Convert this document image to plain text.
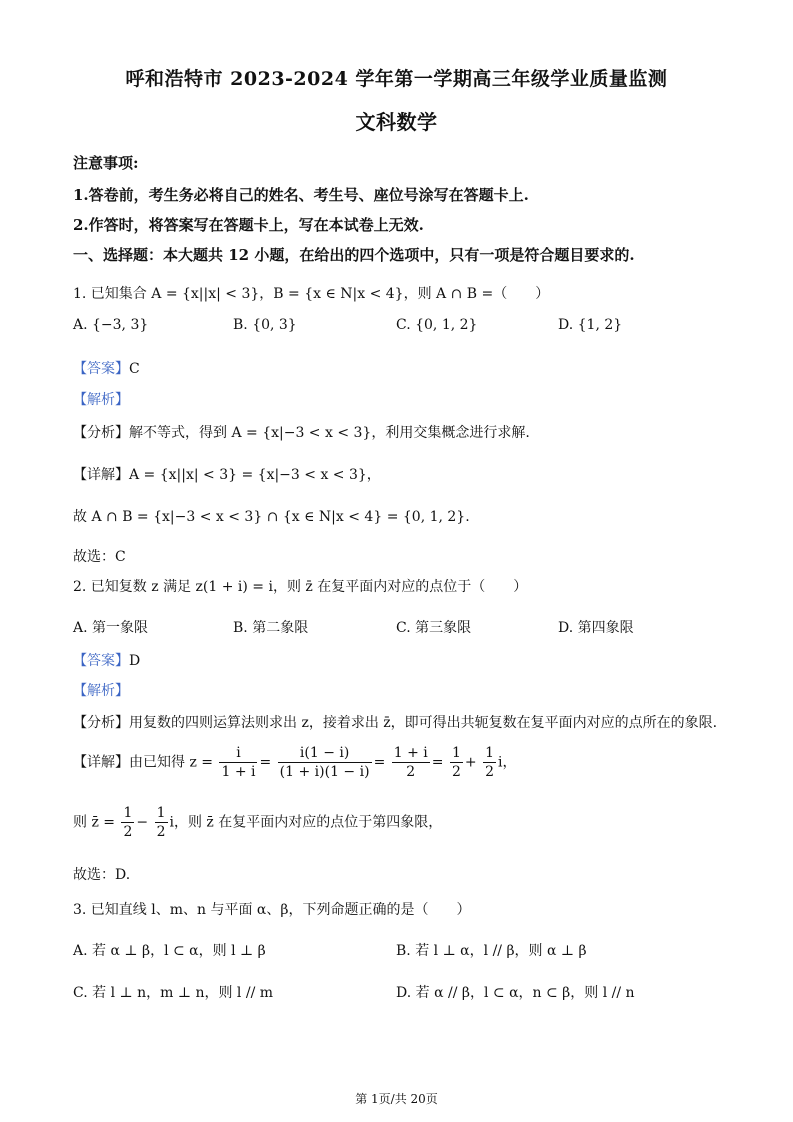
呼和浩特市 2023-2024 学年第一学期高三年级学业质量监测
文科数学
注意事项:
1.答卷前，考生务必将自己的姓名、考生号、座位号涂写在答题卡上.
2.作答时，将答案写在答题卡上，写在本试卷上无效.
一、选择题：本大题共 12 小题，在给出的四个选项中，只有一项是符合题目要求的.
1. 已知集合 A = {x||x| < 3}，B = {x ∈ N|x < 4}，则 A ∩ B =（　　）
A. {−3, 3}	B. {0, 3}	C. {0, 1, 2}	D. {1, 2}
【答案】C
【解析】
【分析】解不等式，得到 A = {x|−3 < x < 3}，利用交集概念进行求解.
【详解】A = {x||x| < 3} = {x|−3 < x < 3}，
故 A ∩ B = {x|−3 < x < 3} ∩ {x ∈ N|x < 4} = {0, 1, 2}.
故选：C
2. 已知复数 z 满足 z(1 + i) = i，则 z̄ 在复平面内对应的点位于（　　）
A. 第一象限	B. 第二象限	C. 第三象限	D. 第四象限
【答案】D
【解析】
【分析】用复数的四则运算法则求出 z，接着求出 z̄，即可得出共轭复数在复平面内对应的点所在的象限.
【详解】由已知得 $z = \frac{i}{1 + i} = \frac{i(1 - i)}{(1 + i)(1 - i)} = \frac{1 + i}{2} = \frac{1}{2} + \frac{1}{2}$ i，
则 z̄ = $\frac{1}{2} - \frac{1}{2}$ i，则 z̄ 在复平面内对应的点位于第四象限，
故选：D.
3. 已知直线 l、m、n 与平面 α、β，下列命题正确的是（　　）
A. 若 α ⊥ β，l ⊂ α，则 l ⊥ β	B. 若 l ⊥ α，l // β，则 α ⊥ β
C. 若 l ⊥ n，m ⊥ n，则 l // m	D. 若 α // β，l ⊂ α，n ⊂ β，则 l // n
第 1页/共 20页
